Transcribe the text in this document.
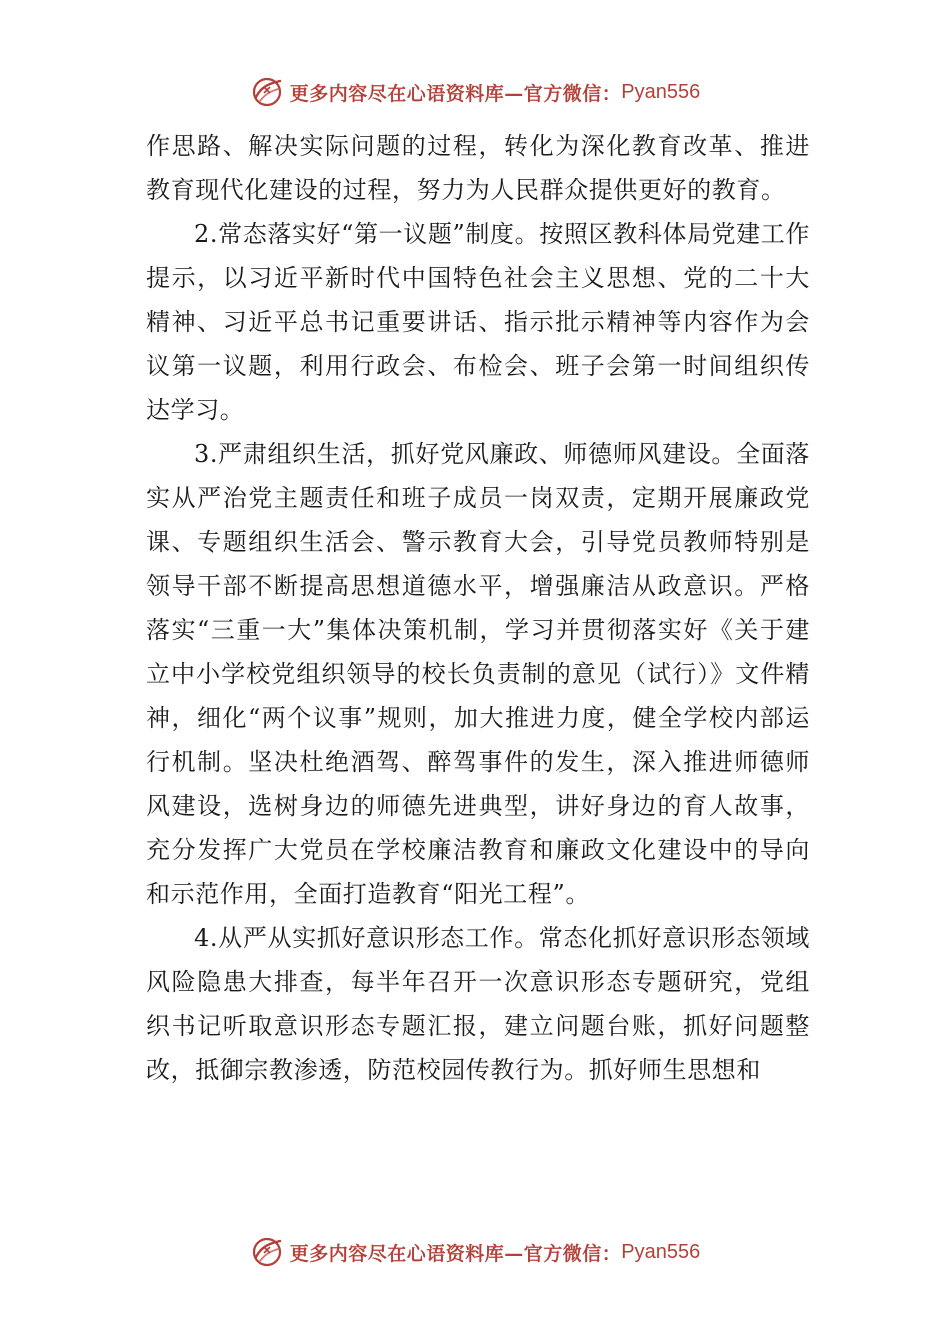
更多内容尽在心语资料库—官方微信： Pyan556

作思路、解决实际问题的过程，转化为深化教育改革、推进教育现代化建设的过程，努力为人民群众提供更好的教育。

2.常态落实好“第一议题”制度。按照区教科体局党建工作提示，以习近平新时代中国特色社会主义思想、党的二十大精神、习近平总书记重要讲话、指示批示精神等内容作为会议第一议题，利用行政会、布检会、班子会第一时间组织传达学习。

3.严肃组织生活，抓好党风廉政、师德师风建设。全面落实从严治党主题责任和班子成员一岗双责，定期开展廉政党课、专题组织生活会、警示教育大会，引导党员教师特别是领导干部不断提高思想道德水平，增强廉洁从政意识。严格落实“三重一大”集体决策机制，学习并贯彻落实好《关于建立中小学校党组织领导的校长负责制的意见（试行）》文件精神，细化“两个议事”规则，加大推进力度，健全学校内部运行机制。坚决杜绝酒驾、醉驾事件的发生，深入推进师德师风建设，选树身边的师德先进典型，讲好身边的育人故事，充分发挥广大党员在学校廉洁教育和廉政文化建设中的导向和示范作用，全面打造教育“阳光工程”。

4.从严从实抓好意识形态工作。常态化抓好意识形态领域风险隐患大排查，每半年召开一次意识形态专题研究，党组织书记听取意识形态专题汇报，建立问题台账，抓好问题整改，抵御宗教渗透，防范校园传教行为。抓好师生思想和

更多内容尽在心语资料库—官方微信： Pyan556
